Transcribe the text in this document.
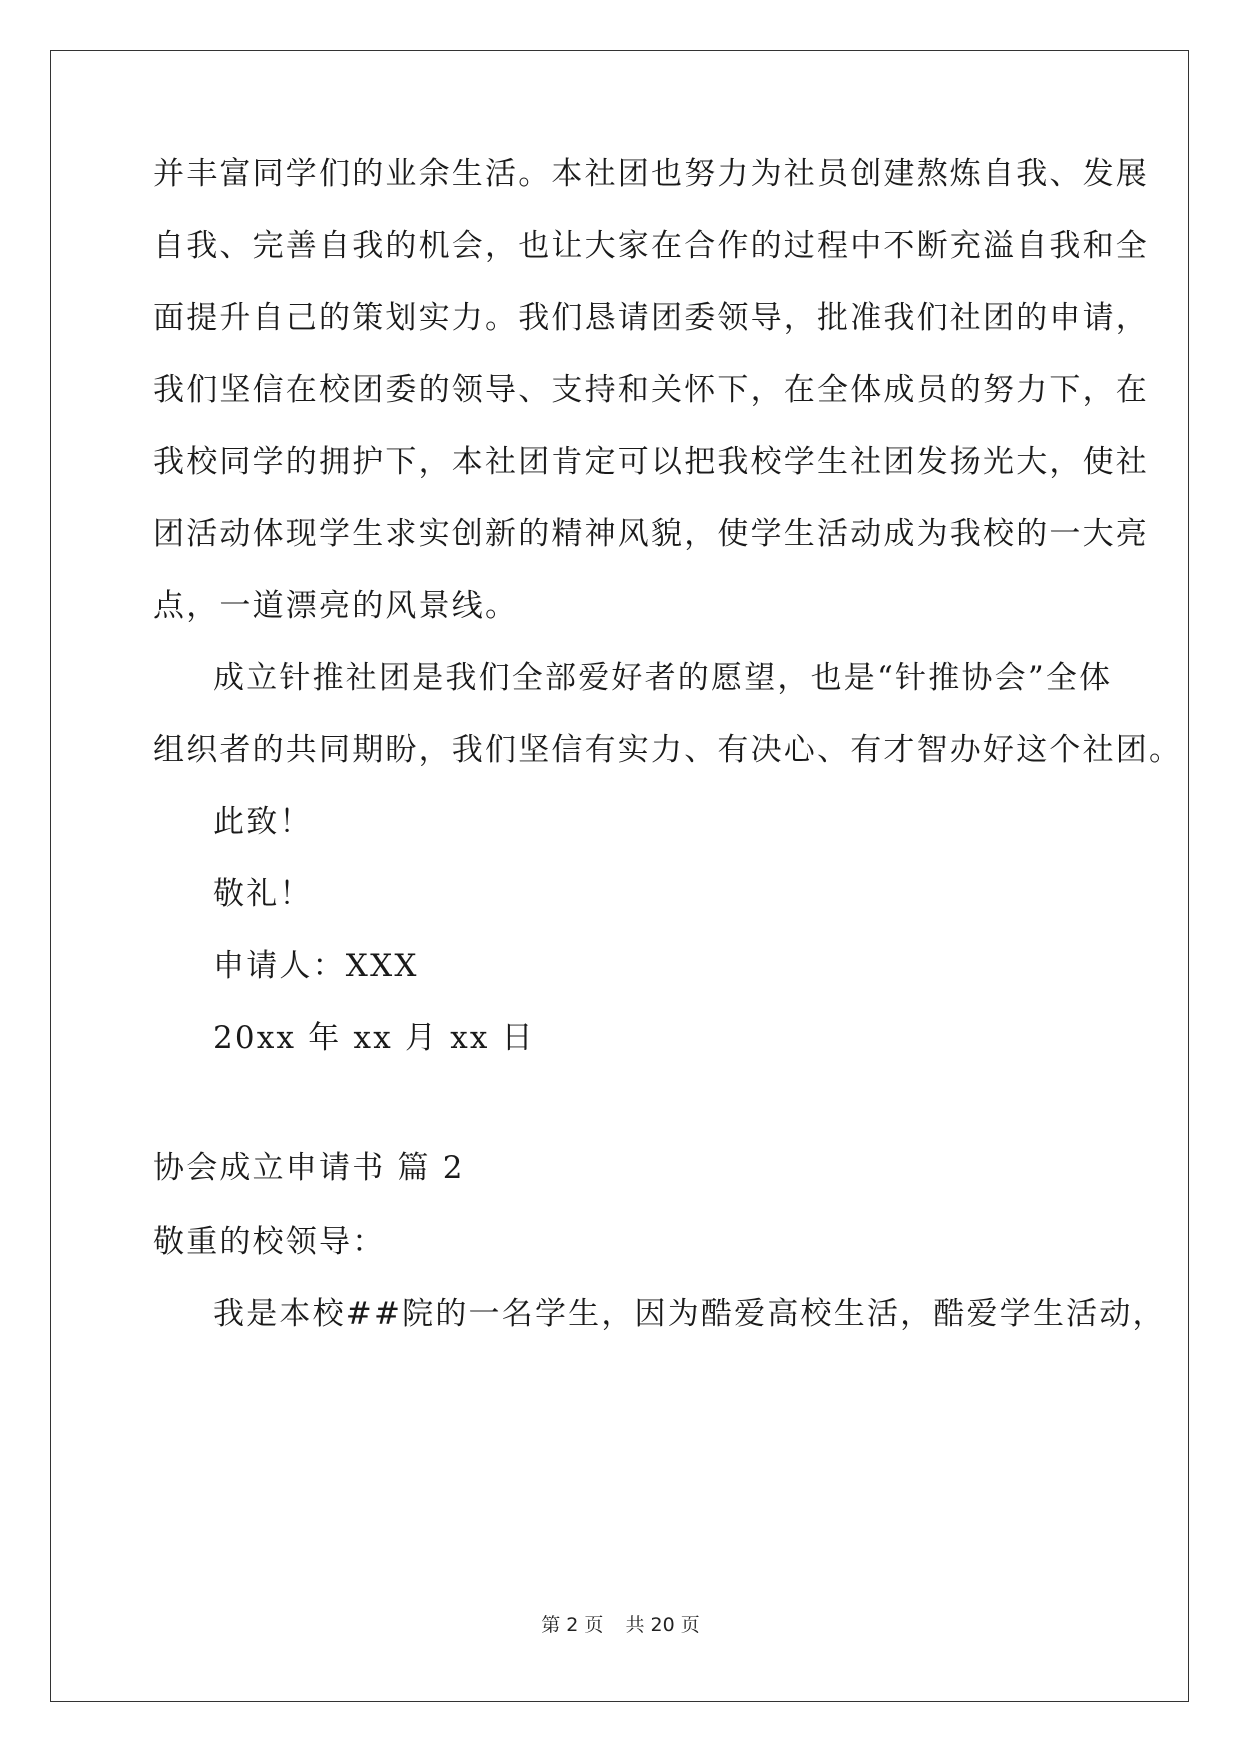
并丰富同学们的业余生活。本社团也努力为社员创建熬炼自我、发展
自我、完善自我的机会，也让大家在合作的过程中不断充溢自我和全
面提升自己的策划实力。我们恳请团委领导，批准我们社团的申请，
我们坚信在校团委的领导、支持和关怀下，在全体成员的努力下，在
我校同学的拥护下，本社团肯定可以把我校学生社团发扬光大，使社
团活动体现学生求实创新的精神风貌，使学生活动成为我校的一大亮
点，一道漂亮的风景线。
成立针推社团是我们全部爱好者的愿望，也是“针推协会”全体
组织者的共同期盼，我们坚信有实力、有决心、有才智办好这个社团。
此致！
敬礼！
申请人：XXX
20xx 年 xx 月 xx 日
协会成立申请书 篇 2
敬重的校领导：
我是本校##院的一名学生，因为酷爱高校生活，酷爱学生活动，
第 2 页 共 20 页
